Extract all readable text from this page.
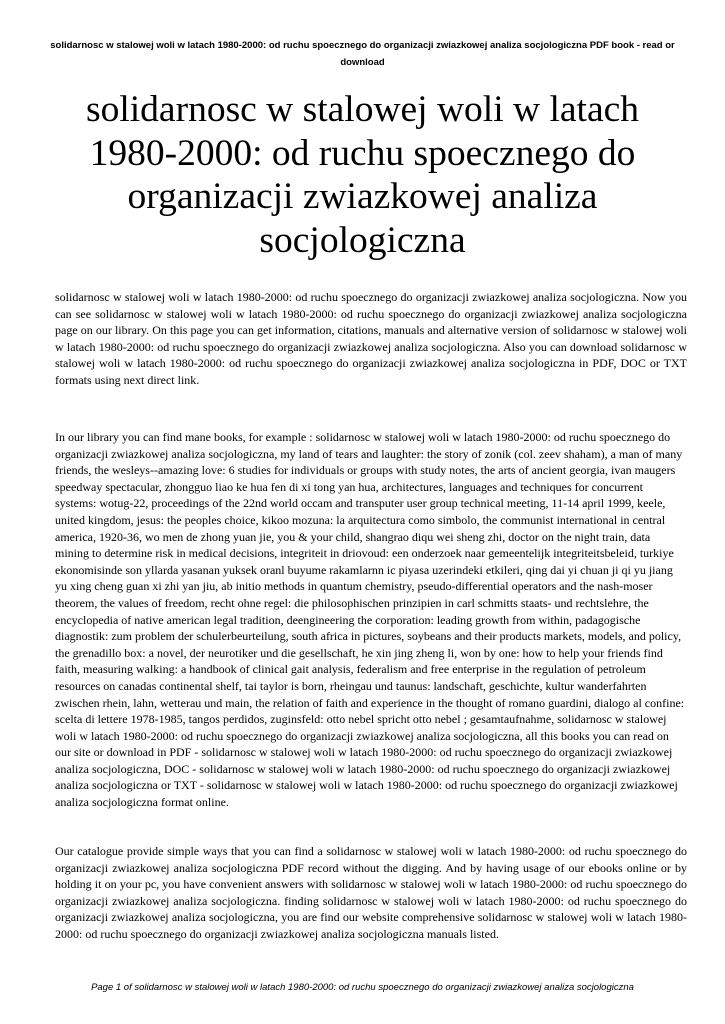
solidarnosc w stalowej woli w latach 1980-2000: od ruchu spoecznego do organizacji zwiazkowej analiza socjologiczna PDF book - read or download
solidarnosc w stalowej woli w latach 1980-2000: od ruchu spoecznego do organizacji zwiazkowej analiza socjologiczna

solidarnosc w stalowej woli w latach 1980-2000: od ruchu spoecznego do organizacji zwiazkowej analiza socjologiczna. Now you can see solidarnosc w stalowej woli w latach 1980-2000: od ruchu spoecznego do organizacji zwiazkowej analiza socjologiczna page on our library. On this page you can get information, citations, manuals and alternative version of solidarnosc w stalowej woli w latach 1980-2000: od ruchu spoecznego do organizacji zwiazkowej analiza socjologiczna. Also you can download solidarnosc w stalowej woli w latach 1980-2000: od ruchu spoecznego do organizacji zwiazkowej analiza socjologiczna in PDF, DOC or TXT formats using next direct link.

In our library you can find mane books, for example : solidarnosc w stalowej woli w latach 1980-2000: od ruchu spoecznego do organizacji zwiazkowej analiza socjologiczna, my land of tears and laughter: the story of zonik (col. zeev shaham), a man of many friends, the wesleys--amazing love: 6 studies for individuals or groups with study notes, the arts of ancient georgia, ivan maugers speedway spectacular, zhongguo liao ke hua fen di xi tong yan hua, architectures, languages and techniques for concurrent systems: wotug-22, proceedings of the 22nd world occam and transputer user group technical meeting, 11-14 april 1999, keele, united kingdom, jesus: the peoples choice, kikoo mozuna: la arquitectura como simbolo, the communist international in central america, 1920-36, wo men de zhong yuan jie, you & your child, shangrao diqu wei sheng zhi, doctor on the night train, data mining to determine risk in medical decisions, integriteit in driovoud: een onderzoek naar gemeentelijk integriteitsbeleid, turkiye ekonomisinde son yllarda yasanan yuksek oranl buyume rakamlarnn ic piyasa uzerindeki etkileri, qing dai yi chuan ji qi yu jiang yu xing cheng guan xi zhi yan jiu, ab initio methods in quantum chemistry, pseudo-differential operators and the nash-moser theorem, the values of freedom, recht ohne regel: die philosophischen prinzipien in carl schmitts staats- und rechtslehre, the encyclopedia of native american legal tradition, deengineering the corporation: leading growth from within, padagogische diagnostik: zum problem der schulerbeurteilung, south africa in pictures, soybeans and their products markets, models, and policy, the grenadillo box: a novel, der neurotiker und die gesellschaft, he xin jing zheng li, won by one: how to help your friends find faith, measuring walking: a handbook of clinical gait analysis, federalism and free enterprise in the regulation of petroleum resources on canadas continental shelf, tai taylor is born, rheingau und taunus: landschaft, geschichte, kultur wanderfahrten zwischen rhein, lahn, wetterau und main, the relation of faith and experience in the thought of romano guardini, dialogo al confine: scelta di lettere 1978-1985, tangos perdidos, zuginsfeld: otto nebel spricht otto nebel ; gesamtaufnahme, solidarnosc w stalowej woli w latach 1980-2000: od ruchu spoecznego do organizacji zwiazkowej analiza socjologiczna, all this books you can read on our site or download in PDF - solidarnosc w stalowej woli w latach 1980-2000: od ruchu spoecznego do organizacji zwiazkowej analiza socjologiczna, DOC - solidarnosc w stalowej woli w latach 1980-2000: od ruchu spoecznego do organizacji zwiazkowej analiza socjologiczna or TXT - solidarnosc w stalowej woli w latach 1980-2000: od ruchu spoecznego do organizacji zwiazkowej analiza socjologiczna format online.

Our catalogue provide simple ways that you can find a solidarnosc w stalowej woli w latach 1980-2000: od ruchu spoecznego do organizacji zwiazkowej analiza socjologiczna PDF record without the digging. And by having usage of our ebooks online or by holding it on your pc, you have convenient answers with solidarnosc w stalowej woli w latach 1980-2000: od ruchu spoecznego do organizacji zwiazkowej analiza socjologiczna. finding solidarnosc w stalowej woli w latach 1980-2000: od ruchu spoecznego do organizacji zwiazkowej analiza socjologiczna, you are find our website comprehensive solidarnosc w stalowej woli w latach 1980-2000: od ruchu spoecznego do organizacji zwiazkowej analiza socjologiczna manuals listed.

Page 1 of solidarnosc w stalowej woli w latach 1980-2000: od ruchu spoecznego do organizacji zwiazkowej analiza socjologiczna
